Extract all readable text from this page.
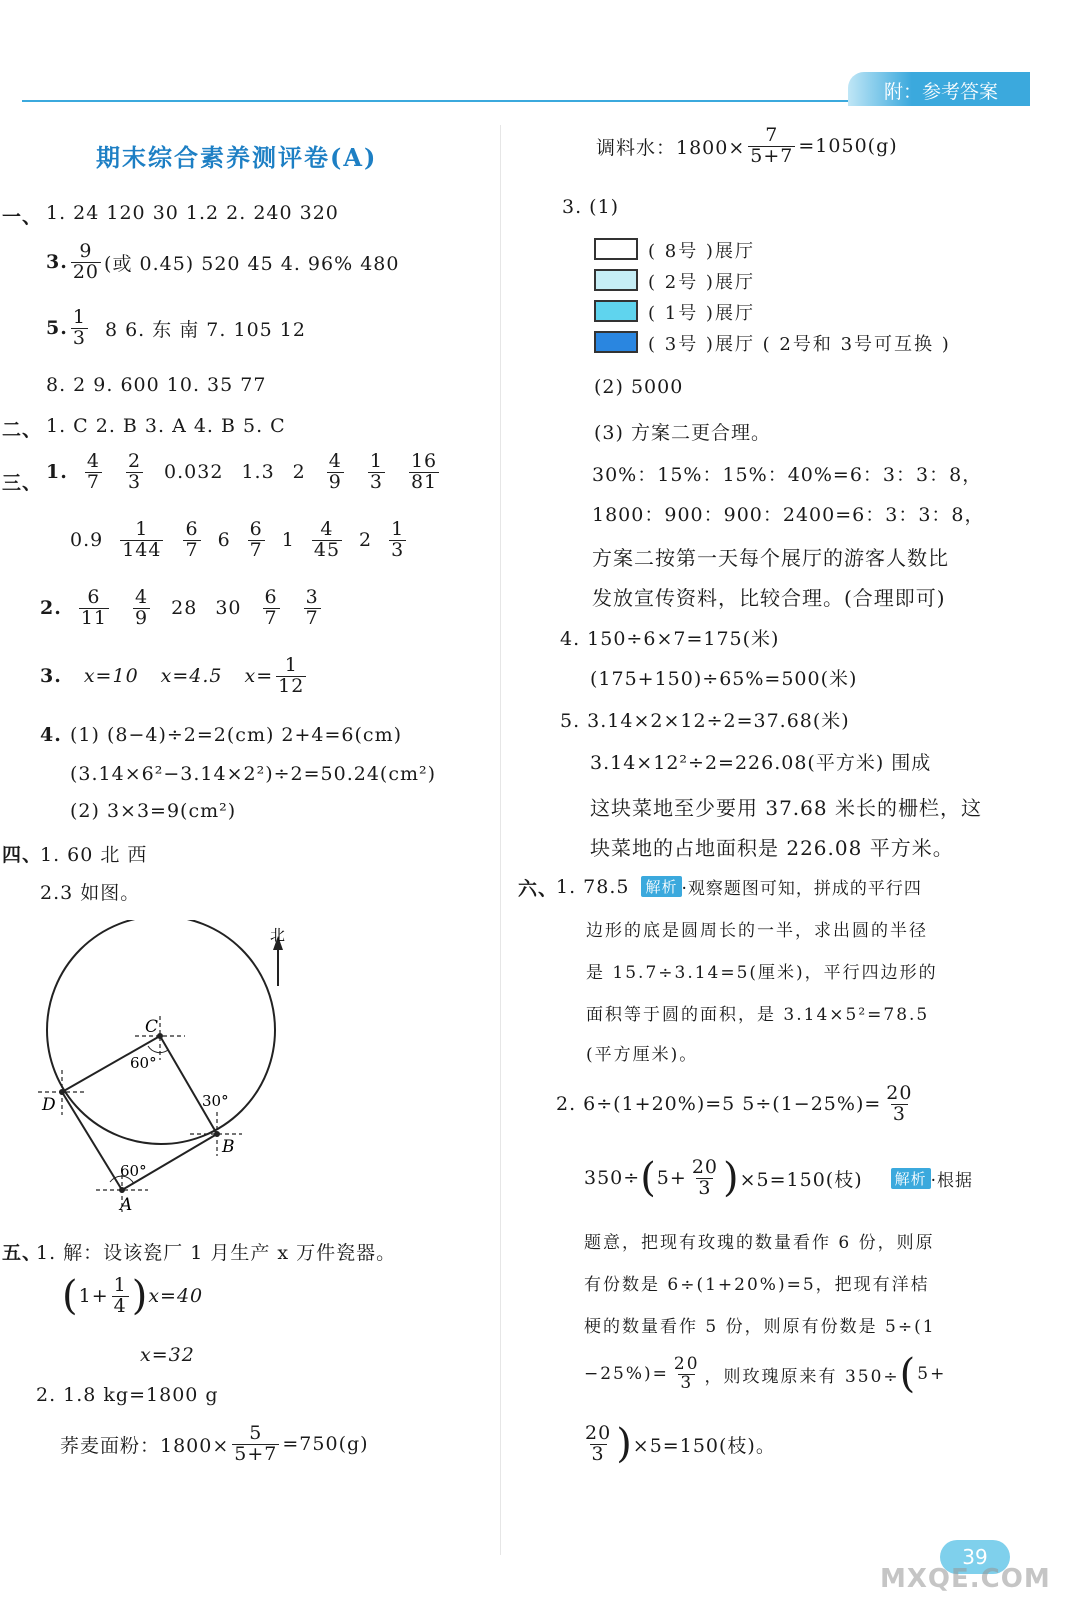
附：参考答案
期末综合素养测评卷(A)
一、 1. 24 120 30 1.2 2. 240 320
3. $\frac{9}{20}$ (或 0.45) 520 45 4. 96% 480
5. $\frac{1}{3} 8$ 6. 东 南 7. 105 12
8. 2 9. 600 10. 35 77
二、 1. C 2. B 3. A 4. B 5. C
三、 1. $\frac{4}{7} \frac{2}{3} 0.032$ 1.3 $2 \frac{4}{9} \frac{1}{3} \frac{16}{81}$
$0.9 \frac{1}{144} \frac{6}{7} 6 \frac{6}{7} 1 \frac{4}{45} 2 \frac{1}{3}$
2. $\frac{6}{11} \frac{4}{9} 28$ $30 \frac{6}{7} \frac{3}{7}$
3. x=10 x=4.5 $x= \frac{1}{12}$
4. (1) (8−4)÷2=2(cm) 2+4=6(cm)
(3.14×6²−3.14×2²)÷2=50.24(cm²)
(2) 3×3=9(cm²)
四、
1. 60 北 西
2.3 如图。
北
C
D
B
A
60°
30°
60°
五、
1. 解：设该瓷厂 1 月生产 x 万件瓷器。
( $1+ \frac{1}{4}$ ) x=40
x=32
2. 1.8 kg=1800 g
荞麦面粉：$1800\times \frac{5}{5+7} =750(g)$
调料水：$1800\times \frac{7}{5+7} =1050(g)$
3. (1)
( 8号 )展厅
( 2号 )展厅
( 1号 )展厅
( 3号 )展厅 ( 2号和 3号可互换 )
(2) 5000
(3) 方案二更合理。
30%：15%：15%：40%=6：3：3：8，
1800：900：900：2400=6：3：3：8，
方案二按第一天每个展厅的游客人数比
发放宣传资料，比较合理。(合理即可)
4. 150÷6×7=175(米)
(175+150)÷65%=500(米)
5. 3.14×2×12÷2=37.68(米)
3.14×12²÷2=226.08(平方米) 围成
这块菜地至少要用 37.68 米长的栅栏，这
块菜地的占地面积是 226.08 平方米。
六、
1. 78.5 解析 ·观察题图可知，拼成的平行四
边形的底是圆周长的一半，求出圆的半径
是 15.7÷3.14=5(厘米)，平行四边形的
面积等于圆的面积，是 3.14×5²=78.5
(平方厘米)。
2. 6÷(1+20%)=5 $5\div(1-25\%)= \frac{20}{3}$
350÷ ( $5+ \frac{20}{3}$ ) ×5=150(枝) 解析 ·根据
题意，把现有玫瑰的数量看作 6 份，则原
有份数是 6÷(1+20%)=5，把现有洋桔
梗的数量看作 5 份，则原有份数是 5÷(1
$-25\%)= \frac{20}{3}$ ，则玫瑰原来有 350÷ ( 5+
$\frac{20}{3}$ ) ×5=150(枝)。
39
MXQE.COM
